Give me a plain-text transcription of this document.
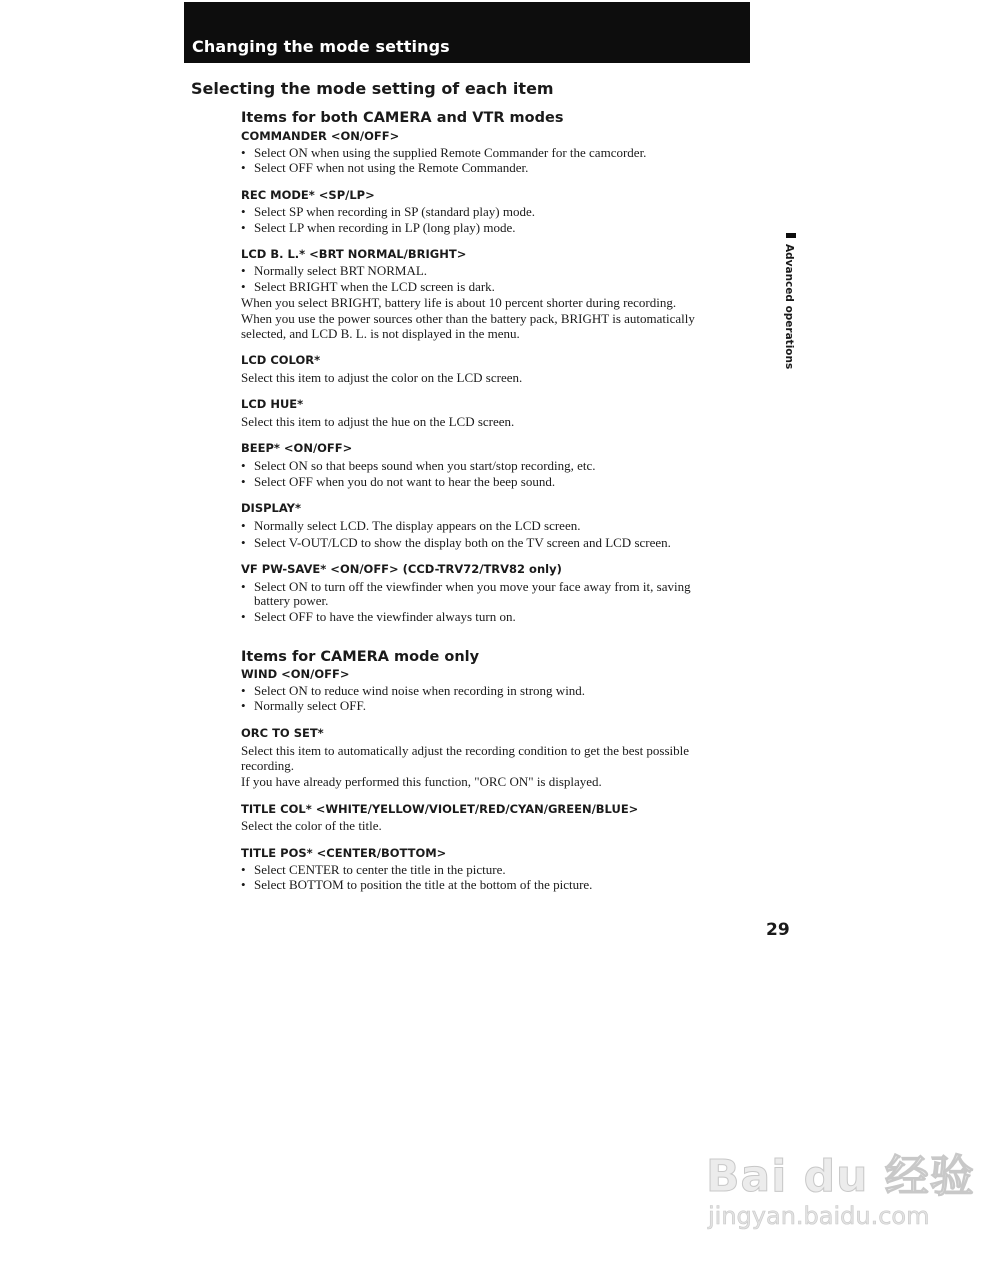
Changing the mode settings
Selecting the mode setting of each item
Items for both CAMERA and VTR modes
COMMANDER <ON/OFF>
• Select ON when using the supplied Remote Commander for the camcorder.
• Select OFF when not using the Remote Commander.
REC MODE* <SP/LP>
• Select SP when recording in SP (standard play) mode.
• Select LP when recording in LP (long play) mode.
LCD B. L.* <BRT NORMAL/BRIGHT>
• Normally select BRT NORMAL.
• Select BRIGHT when the LCD screen is dark.
When you select BRIGHT, battery life is about 10 percent shorter during recording.
When you use the power sources other than the battery pack, BRIGHT is automatically
selected, and LCD B. L. is not displayed in the menu.
LCD COLOR*
Select this item to adjust the color on the LCD screen.
LCD HUE*
Select this item to adjust the hue on the LCD screen.
BEEP* <ON/OFF>
• Select ON so that beeps sound when you start/stop recording, etc.
• Select OFF when you do not want to hear the beep sound.
DISPLAY*
• Normally select LCD. The display appears on the LCD screen.
• Select V-OUT/LCD to show the display both on the TV screen and LCD screen.
VF PW-SAVE* <ON/OFF> (CCD-TRV72/TRV82 only)
• Select ON to turn off the viewfinder when you move your face away from it, saving
battery power.
• Select OFF to have the viewfinder always turn on.
Items for CAMERA mode only
WIND <ON/OFF>
• Select ON to reduce wind noise when recording in strong wind.
• Normally select OFF.
ORC TO SET*
Select this item to automatically adjust the recording condition to get the best possible
recording.
If you have already performed this function, "ORC ON" is displayed.
TITLE COL* <WHITE/YELLOW/VIOLET/RED/CYAN/GREEN/BLUE>
Select the color of the title.
TITLE POS* <CENTER/BOTTOM>
• Select CENTER to center the title in the picture.
• Select BOTTOM to position the title at the bottom of the picture.
Advanced operations
29
Bai du 经验
jingyan.baidu.com
